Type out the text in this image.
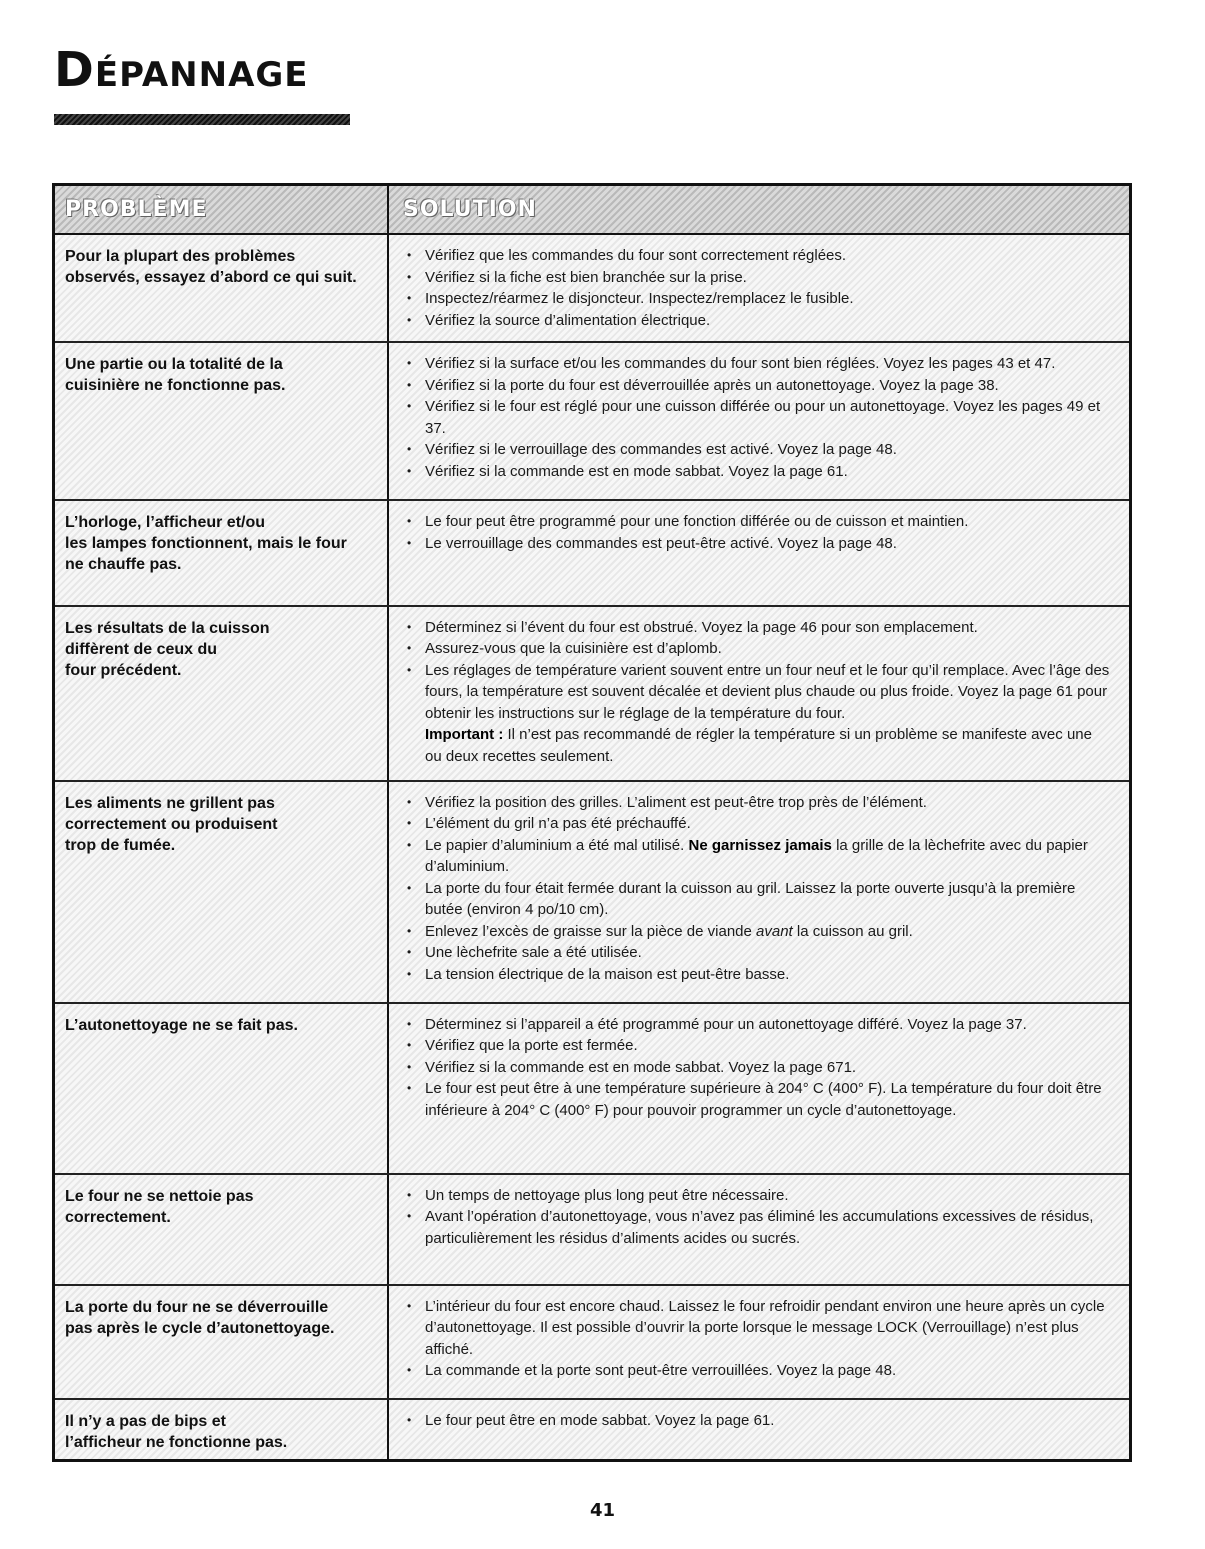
Dépannage
PROBLÈME	SOLUTION
Pour la plupart des problèmes
observés, essayez d’abord ce qui suit.
• Vérifiez que les commandes du four sont correctement réglées.
• Vérifiez si la fiche est bien branchée sur la prise.
• Inspectez/réarmez le disjoncteur. Inspectez/remplacez le fusible.
• Vérifiez la source d’alimentation électrique.
Une partie ou la totalité de la
cuisinière ne fonctionne pas.
• Vérifiez si la surface et/ou les commandes du four sont bien réglées. Voyez les pages 43 et 47.
• Vérifiez si la porte du four est déverrouillée après un autonettoyage. Voyez la page 38.
• Vérifiez si le four est réglé pour une cuisson différée ou pour un autonettoyage. Voyez les pages 49 et 37.
• Vérifiez si le verrouillage des commandes est activé. Voyez la page 48.
• Vérifiez si la commande est en mode sabbat. Voyez la page 61.
L’horloge, l’afficheur et/ou
les lampes fonctionnent, mais le four
ne chauffe pas.
• Le four peut être programmé pour une fonction différée ou de cuisson et maintien.
• Le verrouillage des commandes est peut-être activé. Voyez la page 48.
Les résultats de la cuisson
diffèrent de ceux du
four précédent.
• Déterminez si l’évent du four est obstrué. Voyez la page 46 pour son emplacement.
• Assurez-vous que la cuisinière est d’aplomb.
• Les réglages de température varient souvent entre un four neuf et le four qu’il remplace. Avec l’âge des fours, la température est souvent décalée et devient plus chaude ou plus froide. Voyez la page 61 pour obtenir les instructions sur le réglage de la température du four.
Important : Il n’est pas recommandé de régler la température si un problème se manifeste avec une ou deux recettes seulement.
Les aliments ne grillent pas
correctement ou produisent
trop de fumée.
• Vérifiez la position des grilles. L’aliment est peut-être trop près de l’élément.
• L’élément du gril n’a pas été préchauffé.
• Le papier d’aluminium a été mal utilisé. Ne garnissez jamais la grille de la lèchefrite avec du papier d’aluminium.
• La porte du four était fermée durant la cuisson au gril. Laissez la porte ouverte jusqu’à la première butée (environ 4 po/10 cm).
• Enlevez l’excès de graisse sur la pièce de viande avant la cuisson au gril.
• Une lèchefrite sale a été utilisée.
• La tension électrique de la maison est peut-être basse.
L’autonettoyage ne se fait pas.
•	Déterminez si l’appareil a été programmé pour un autonettoyage différé. Voyez la page 37.
• Vérifiez que la porte est fermée.
• Vérifiez si la commande est en mode sabbat. Voyez la page 671.
• Le four est peut être à une température supérieure à 204° C (400° F). La température du four doit être inférieure à 204° C (400° F) pour pouvoir programmer un cycle d’autonettoyage.
Le four ne se nettoie pas
correctement.
• Un temps de nettoyage plus long peut être nécessaire.
• Avant l’opération d’autonettoyage, vous n’avez pas éliminé les accumulations excessives de résidus, particulièrement les résidus d’aliments acides ou sucrés.
La porte du four ne se déverrouille
pas après le cycle d’autonettoyage.
• L’intérieur du four est encore chaud. Laissez le four refroidir pendant environ une heure après un cycle d’autonettoyage. Il est possible d’ouvrir la porte lorsque le message LOCK (Verrouillage) n’est plus affiché.
• La commande et la porte sont peut-être verrouillées. Voyez la page 48.
Il n’y a pas de bips et
l’afficheur ne fonctionne pas.
• Le four peut être en mode sabbat. Voyez la page 61.
41
